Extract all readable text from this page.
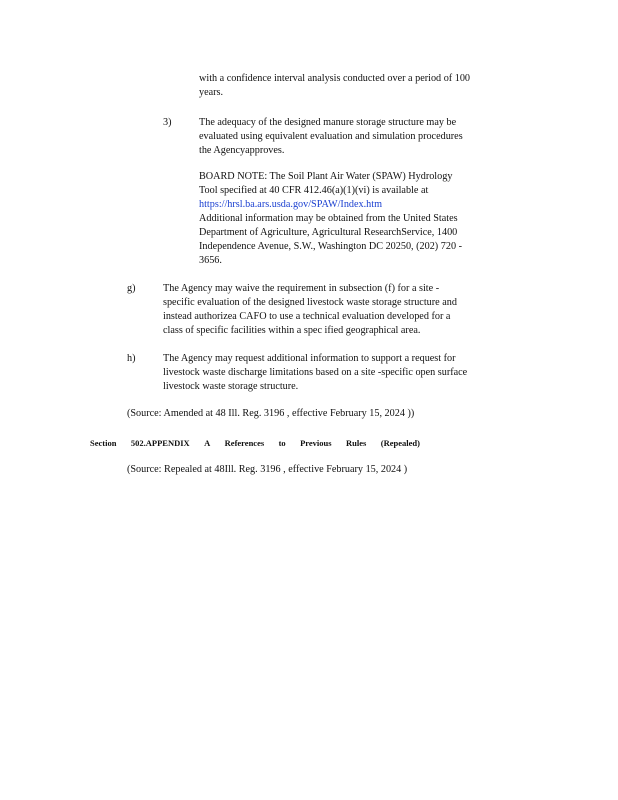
with a confidence interval analysis conducted over a period of 100
years.
3)	The adequacy of the designed manure storage structure may be
evaluated using equivalent evaluation and simulation procedures
the Agencyapproves.
BOARD NOTE: The Soil Plant Air Water (SPAW) Hydrology
Tool specified at 40 CFR 412.46(a)(1)(vi) is available at
https://hrsl.ba.ars.usda.gov/SPAW/Index.htm
Additional information may be obtained from the United States
Department of Agriculture, Agricultural ResearchService, 1400
Independence Avenue, S.W., Washington DC 20250, (202) 720 -
3656.
g)	The Agency may waive the requirement in subsection (f) for a site -
specific evaluation of the designed livestock waste storage structure and
instead authorizea CAFO to use a technical evaluation developed for a
class of specific facilities within a spec ified geographical area.
h)	The Agency may request additional information to support a request for
livestock waste discharge limitations based on a site -specific open surface
livestock waste storage structure.
(Source: Amended at 48 Ill. Reg. 3196 , effective February 15, 2024 ))
Section 502.APPENDIX A References to Previous Rules (Repealed)
(Source: Repealed at 48Ill. Reg. 3196 , effective February 15, 2024 )
